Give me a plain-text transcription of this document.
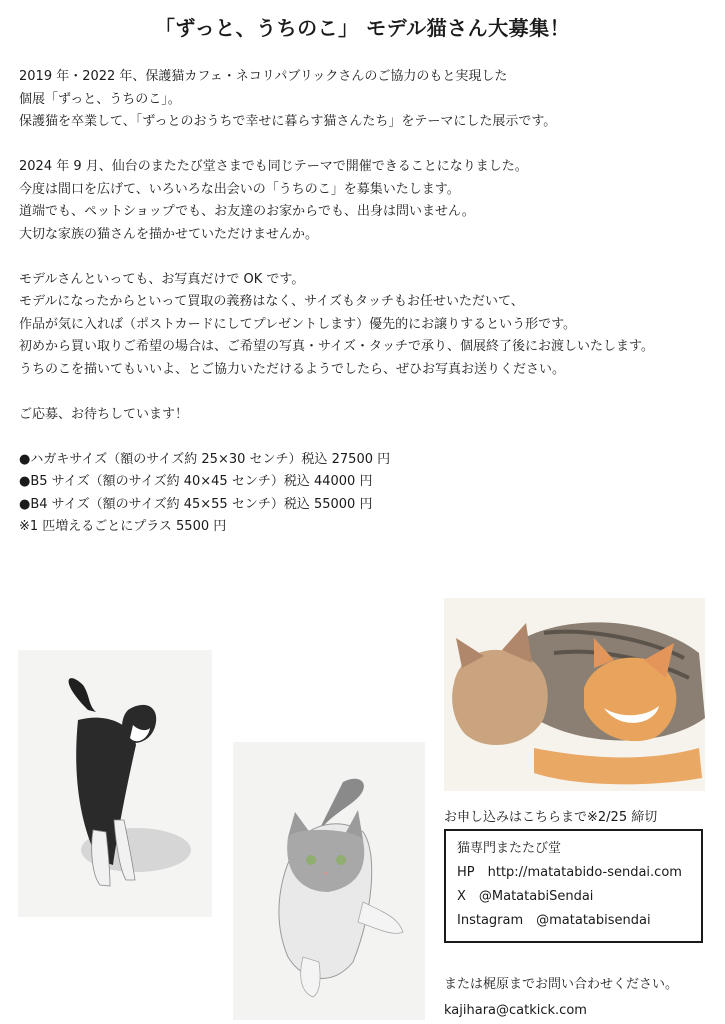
「ずっと、うちのこ」 モデル猫さん大募集！

2019 年・2022 年、保護猫カフェ・ネコリパブリックさんのご協力のもと実現した
個展「ずっと、うちのこ」。
保護猫を卒業して、「ずっとのおうちで幸せに暮らす猫さんたち」をテーマにした展示です。

2024 年 9 月、仙台のまたたび堂さまでも同じテーマで開催できることになりました。
今度は間口を広げて、いろいろな出会いの「うちのこ」を募集いたします。
道端でも、ペットショップでも、お友達のお家からでも、出身は問いません。
大切な家族の猫さんを描かせていただけませんか。

モデルさんといっても、お写真だけで OK です。
モデルになったからといって買取の義務はなく、サイズもタッチもお任せいただいて、
作品が気に入れば（ポストカードにしてプレゼントします）優先的にお譲りするという形です。
初めから買い取りご希望の場合は、ご希望の写真・サイズ・タッチで承り、個展終了後にお渡しいたします。
うちのこを描いてもいいよ、とご協力いただけるようでしたら、ぜひお写真お送りください。

ご応募、お待ちしています！

●ハガキサイズ（額のサイズ約 25×30 センチ）税込 27500 円
●B5 サイズ（額のサイズ約 40×45 センチ）税込 44000 円
●B4 サイズ（額のサイズ約 45×55 センチ）税込 55000 円
※1 匹増えるごとにプラス 5500 円

お申し込みはこちらまで※2/25 締切

猫専門またたび堂
HP　http://matatabido-sendai.com
X　@MatatabiSendai
Instagram　@matatabisendai
または梶原までお問い合わせください。
kajihara@catkick.com
